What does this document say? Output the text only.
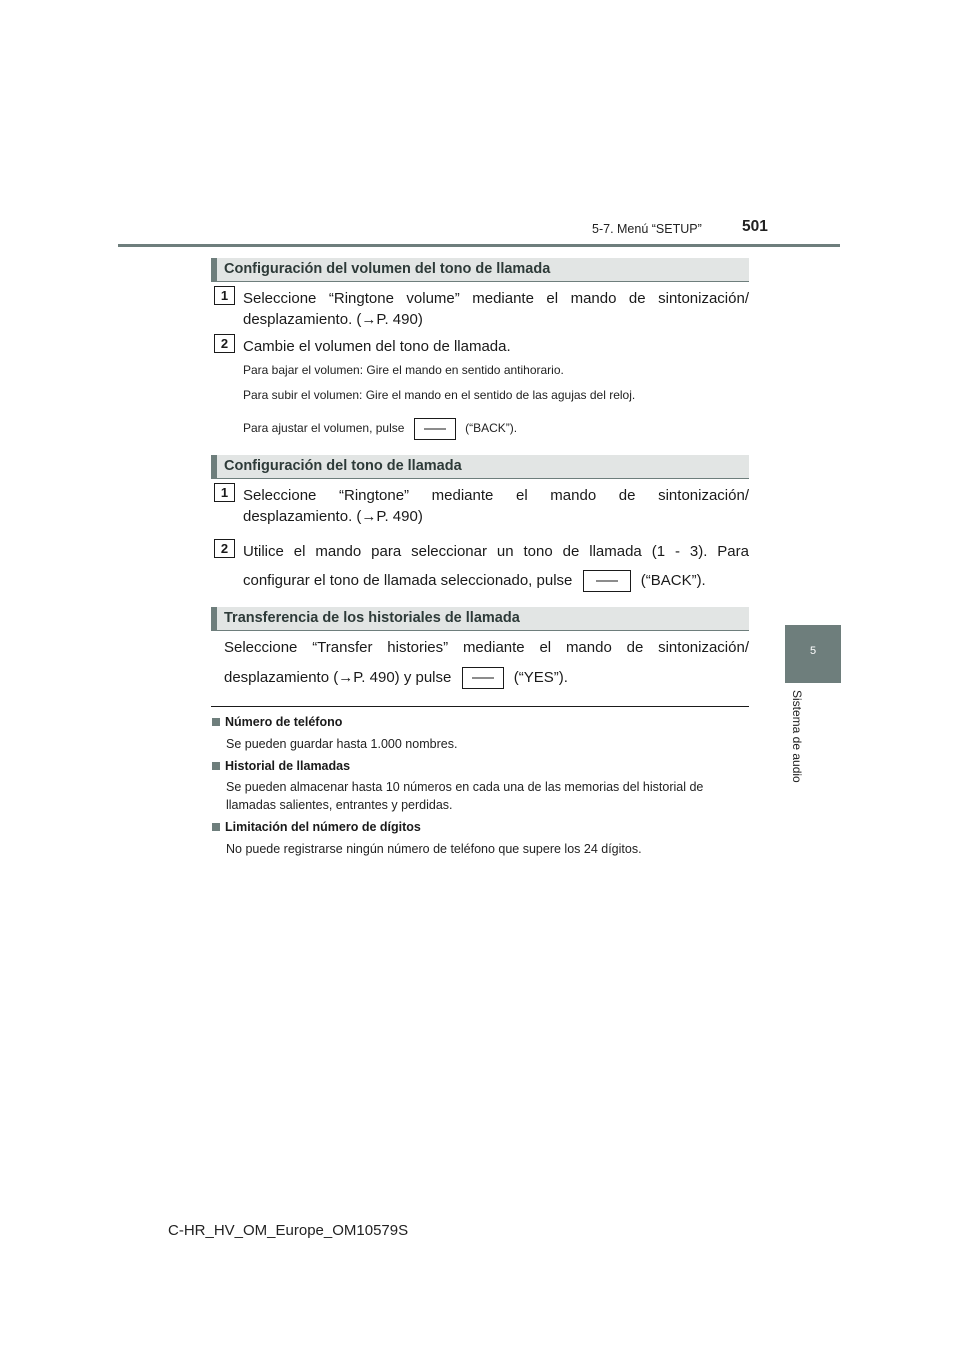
5-7. Menú “SETUP”	501
5
Sistema de audio
Configuración del volumen del tono de llamada
1 Seleccione “Ringtone volume” mediante el mando de sintonización/ desplazamiento. (→P. 490)
2 Cambie el volumen del tono de llamada.
Para bajar el volumen: Gire el mando en sentido antihorario.
Para subir el volumen: Gire el mando en el sentido de las agujas del reloj.
Para ajustar el volumen, pulse	(“BACK”).
Configuración del tono de llamada
1 Seleccione “Ringtone” mediante el mando de sintonización/ desplazamiento. (→P. 490)
2 Utilice el mando para seleccionar un tono de llamada (1 - 3). Para
configurar el tono de llamada seleccionado, pulse	(“BACK”).
Transferencia de los historiales de llamada
Seleccione “Transfer histories” mediante el mando de sintonización/
desplazamiento (→P. 490) y pulse	(“YES”).
Número de teléfono
Se pueden guardar hasta 1.000 nombres.
Historial de llamadas
Se pueden almacenar hasta 10 números en cada una de las memorias del historial de llamadas salientes, entrantes y perdidas.
Limitación del número de dígitos
No puede registrarse ningún número de teléfono que supere los 24 dígitos.
C-HR_HV_OM_Europe_OM10579S
